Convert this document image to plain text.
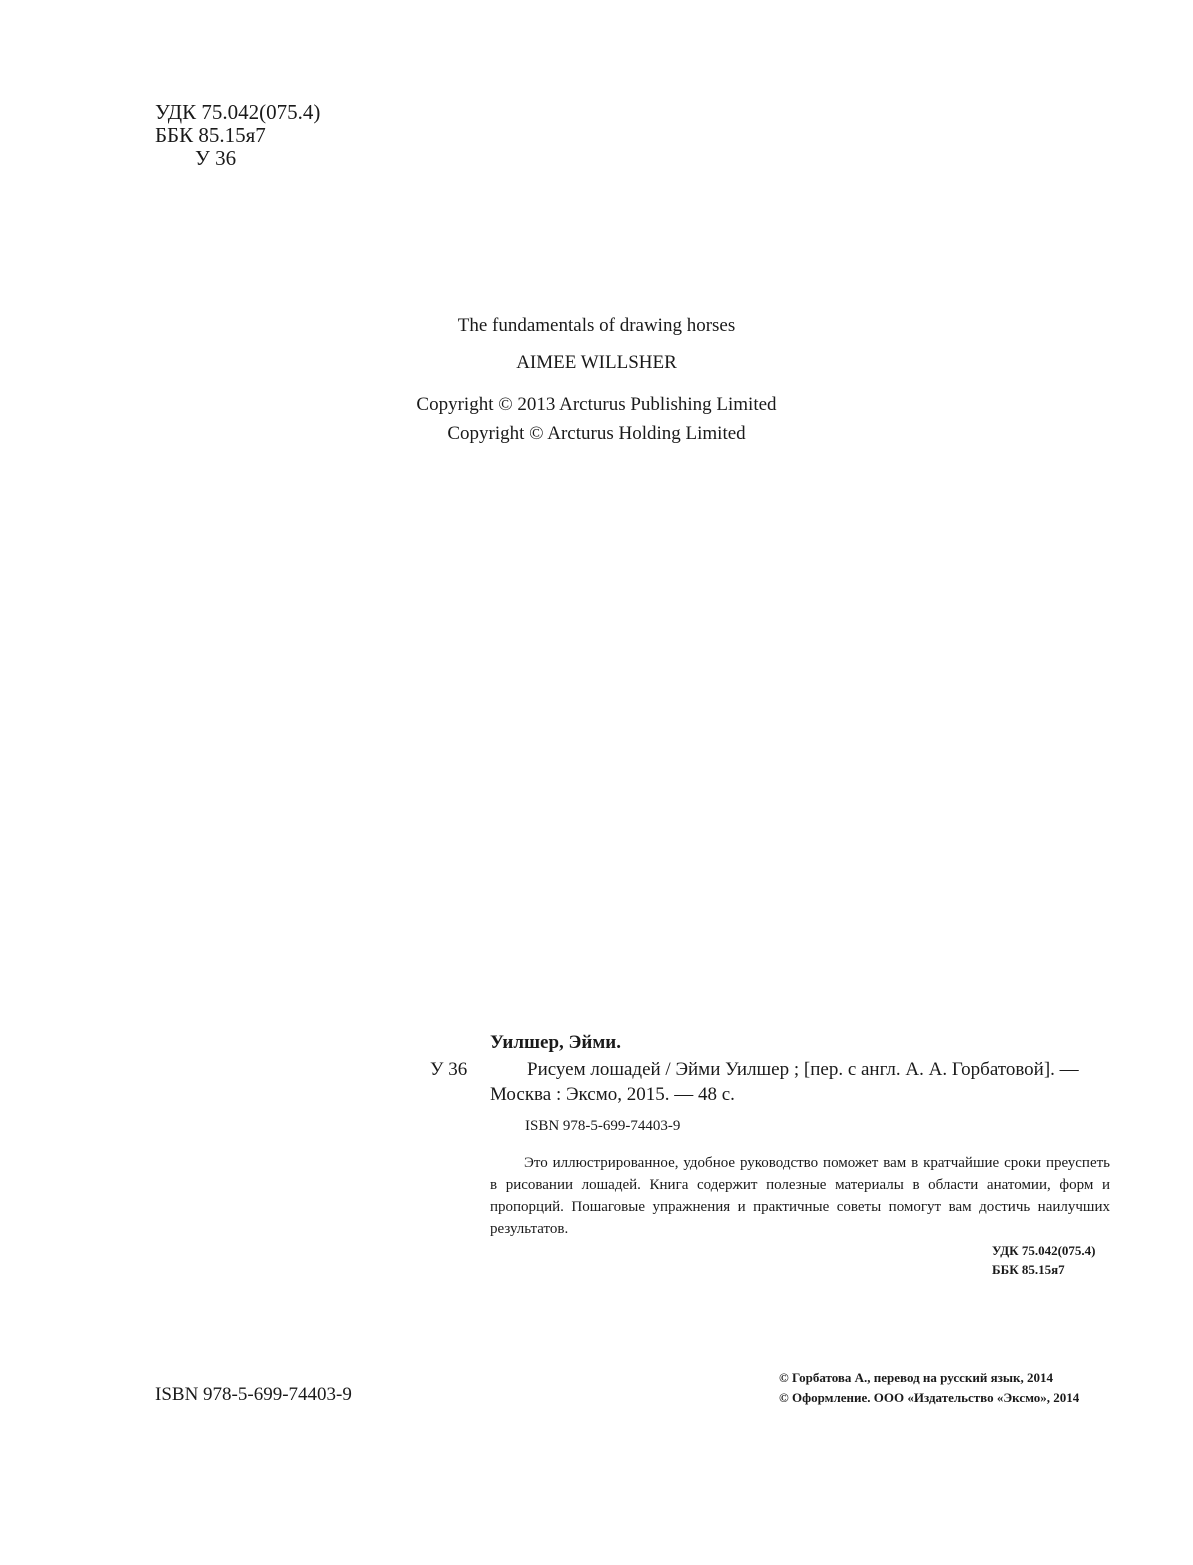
УДК 75.042(075.4)
ББК 85.15я7
У 36
The fundamentals of drawing horses
AIMEE WILLSHER
Copyright © 2013 Arcturus Publishing Limited
Copyright © Arcturus Holding Limited
Уилшер, Эйми.
У 36	Рисуем лошадей / Эйми Уилшер ; [пер. с англ. А. А. Горбатовой]. —
Москва : Эксмо, 2015. — 48 с.
ISBN 978-5-699-74403-9
Это иллюстрированное, удобное руководство поможет вам в кратчайшие сроки преуспеть в рисовании лошадей. Книга содержит полезные материалы в области анатомии, форм и пропорций. Пошаговые упражнения и практичные советы помогут вам достичь наилучших результатов.
УДК 75.042(075.4)
ББК 85.15я7
ISBN 978-5-699-74403-9
© Горбатова А., перевод на русский язык, 2014
© Оформление. ООО «Издательство «Эксмо», 2014
